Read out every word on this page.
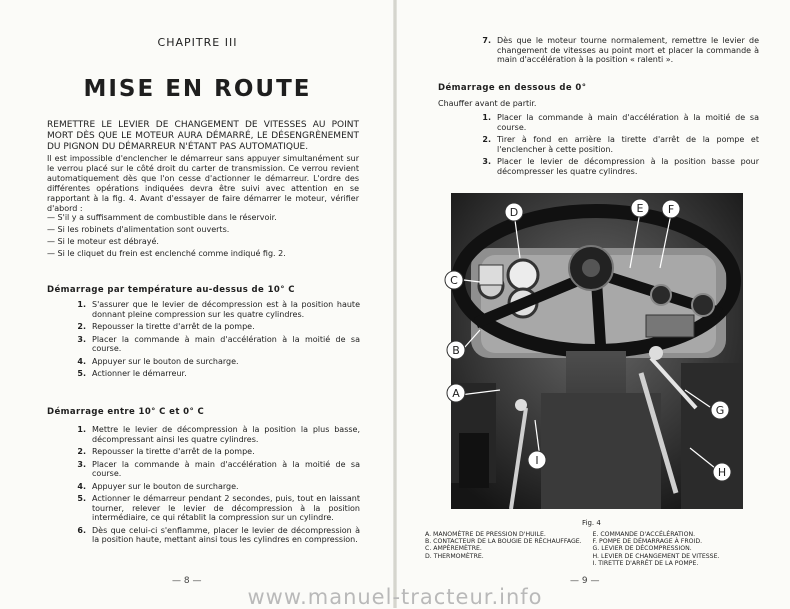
CHAPITRE III
MISE EN ROUTE
REMETTRE LE LEVIER DE CHANGEMENT DE VITESSES AU POINT MORT DÈS QUE LE MOTEUR AURA DÉMARRÉ, LE DÉSENGRÈNEMENT DU PIGNON DU DÉMARREUR N'ÉTANT PAS AUTOMATIQUE.
Il est impossible d'enclencher le démarreur sans appuyer simultanément sur le verrou placé sur le côté droit du carter de transmission. Ce verrou revient automatiquement dès que l'on cesse d'actionner le démarreur. L'ordre des différentes opérations indiquées devra être suivi avec attention en se rapportant à la fig. 4. Avant d'essayer de faire démarrer le moteur, vérifier d'abord :
— S'il y a suffisamment de combustible dans le réservoir.
— Si les robinets d'alimentation sont ouverts.
— Si le moteur est débrayé.
— Si le cliquet du frein est enclenché comme indiqué fig. 2.
Démarrage par température au-dessus de 10° C
1. S'assurer que le levier de décompression est à la position haute donnant pleine compression sur les quatre cylindres.
2. Repousser la tirette d'arrêt de la pompe.
3. Placer la commande à main d'accélération à la moitié de sa course.
4. Appuyer sur le bouton de surcharge.
5. Actionner le démarreur.
Démarrage entre 10° C et 0° C
1. Mettre le levier de décompression à la position la plus basse, décompressant ainsi les quatre cylindres.
2. Repousser la tirette d'arrêt de la pompe.
3. Placer la commande à main d'accélération à la moitié de sa course.
4. Appuyer sur le bouton de surcharge.
5. Actionner le démarreur pendant 2 secondes, puis, tout en laissant tourner, relever le levier de décompression à la position intermédiaire, ce qui rétablit la compression sur un cylindre.
6. Dès que celui-ci s'enflamme, placer le levier de décompression à la position haute, mettant ainsi tous les cylindres en compression.
— 8 —
7. Dès que le moteur tourne normalement, remettre le levier de changement de vitesses au point mort et placer la commande à main d'accélération à la position « ralenti ».
Démarrage en dessous de 0°
Chauffer avant de partir.
1. Placer la commande à main d'accélération à la moitié de sa course.
2. Tirer à fond en arrière la tirette d'arrêt de la pompe et l'enclencher à cette position.
3. Placer le levier de décompression à la position basse pour décompresser les quatre cylindres.
— 9 —
D	E F
C
B
A
G
H
I
Fig. 4
A. MANOMÈTRE DE PRESSION D'HUILE.
B. CONTACTEUR DE LA BOUGIE DE RÉCHAUFFAGE.
C. AMPÈREMÈTRE.
D. THERMOMÈTRE.
E. COMMANDE D'ACCÉLÉRATION.
F. POMPE DE DÉMARRAGE À FROID.
G. LEVIER DE DÉCOMPRESSION.
H. LEVIER DE CHANGEMENT DE VITESSE.
I. TIRETTE D'ARRÊT DE LA POMPE.
www.manuel-tracteur.info
